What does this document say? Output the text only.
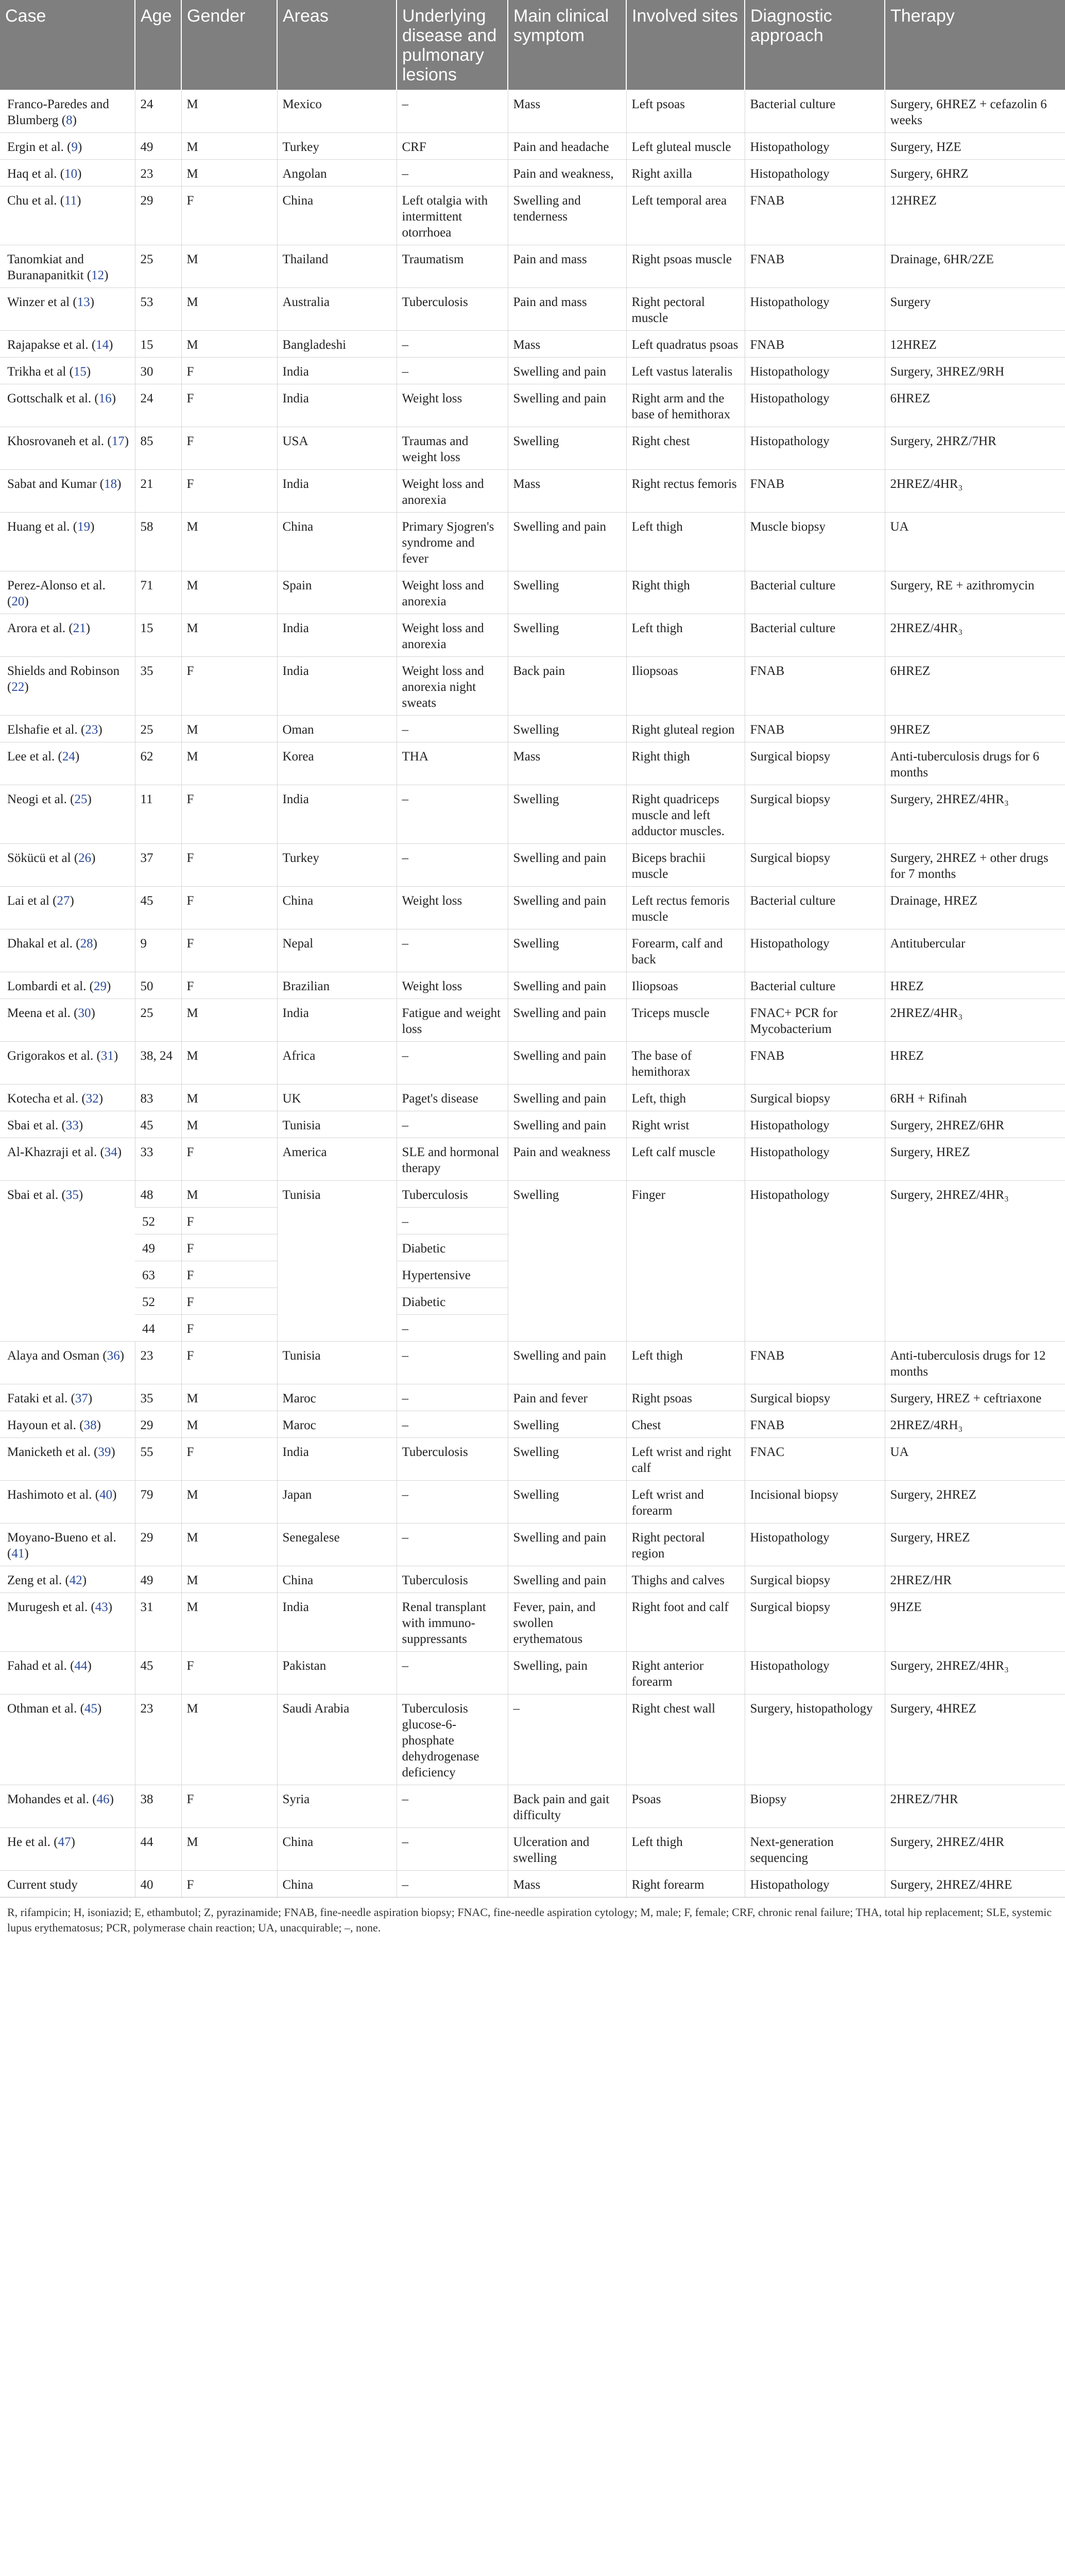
Case	Age	Gender	Areas	Underlying disease and pulmonary lesions	Main clinical symptom	Involved sites	Diagnostic approach	Therapy
Franco-Paredes and Blumberg (8)	24	M	Mexico	–	Mass	Left psoas	Bacterial culture	Surgery, 6HREZ + cefazolin 6 weeks
Ergin et al. (9)	49	M	Turkey	CRF	Pain and headache	Left gluteal muscle	Histopathology	Surgery, HZE
Haq et al. (10)	23	M	Angolan	–	Pain and weakness,	Right axilla	Histopathology	Surgery, 6HRZ
Chu et al. (11)	29	F	China	Left otalgia with intermittent otorrhoea	Swelling and tenderness	Left temporal area	FNAB	12HREZ
Tanomkiat and Buranapanitkit (12)	25	M	Thailand	Traumatism	Pain and mass	Right psoas muscle	FNAB	Drainage, 6HR/2ZE
Winzer et al (13)	53	M	Australia	Tuberculosis	Pain and mass	Right pectoral muscle	Histopathology	Surgery
Rajapakse et al. (14)	15	M	Bangladeshi	–	Mass	Left quadratus psoas	FNAB	12HREZ
Trikha et al (15)	30	F	India	–	Swelling and pain	Left vastus lateralis	Histopathology	Surgery, 3HREZ/9RH
Gottschalk et al. (16)	24	F	India	Weight loss	Swelling and pain	Right arm and the base of hemithorax	Histopathology	6HREZ
Khosrovaneh et al. (17)	85	F	USA	Traumas and weight loss	Swelling	Right chest	Histopathology	Surgery, 2HRZ/7HR
Sabat and Kumar (18)	21	F	India	Weight loss and anorexia	Mass	Right rectus femoris	FNAB	2HREZ/4HR₃
Huang et al. (19)	58	M	China	Primary Sjogren's syndrome and fever	Swelling and pain	Left thigh	Muscle biopsy	UA
Perez-Alonso et al. (20)	71	M	Spain	Weight loss and anorexia	Swelling	Right thigh	Bacterial culture	Surgery, RE + azithromycin
Arora et al. (21)	15	M	India	Weight loss and anorexia	Swelling	Left thigh	Bacterial culture	2HREZ/4HR₃
Shields and Robinson (22)	35	F	India	Weight loss and anorexia night sweats	Back pain	Iliopsoas	FNAB	6HREZ
Elshafie et al. (23)	25	M	Oman	–	Swelling	Right gluteal region	FNAB	9HREZ
Lee et al. (24)	62	M	Korea	THA	Mass	Right thigh	Surgical biopsy	Anti-tuberculosis drugs for 6 months
Neogi et al. (25)	11	F	India	–	Swelling	Right quadriceps muscle and left adductor muscles.	Surgical biopsy	Surgery, 2HREZ/4HR₃
Sökücü et al (26)	37	F	Turkey	–	Swelling and pain	Biceps brachii muscle	Surgical biopsy	Surgery, 2HREZ + other drugs for 7 months
Lai et al (27)	45	F	China	Weight loss	Swelling and pain	Left rectus femoris muscle	Bacterial culture	Drainage, HREZ
Dhakal et al. (28)	9	F	Nepal	–	Swelling	Forearm, calf and back	Histopathology	Antitubercular
Lombardi et al. (29)	50	F	Brazilian	Weight loss	Swelling and pain	Iliopsoas	Bacterial culture	HREZ
Meena et al. (30)	25	M	India	Fatigue and weight loss	Swelling and pain	Triceps muscle	FNAC+ PCR for Mycobacterium	2HREZ/4HR₃
Grigorakos et al. (31)	38, 24	M	Africa	–	Swelling and pain	The base of hemithorax	FNAB	HREZ
Kotecha et al. (32)	83	M	UK	Paget's disease	Swelling and pain	Left, thigh	Surgical biopsy	6RH + Rifinah
Sbai et al. (33)	45	M	Tunisia	–	Swelling and pain	Right wrist	Histopathology	Surgery, 2HREZ/6HR
Al-Khazraji et al. (34)	33	F	America	SLE and hormonal therapy	Pain and weakness	Left calf muscle	Histopathology	Surgery, HREZ
Sbai et al. (35)	48	M	Tunisia	Tuberculosis	Swelling	Finger	Histopathology	Surgery, 2HREZ/4HR₃
	52	F		–				
	49	F		Diabetic				
	63	F		Hypertensive				
	52	F		Diabetic				
	44	F		–				
Alaya and Osman (36)	23	F	Tunisia	–	Swelling and pain	Left thigh	FNAB	Anti-tuberculosis drugs for 12 months
Fataki et al. (37)	35	M	Maroc	–	Pain and fever	Right psoas	Surgical biopsy	Surgery, HREZ + ceftriaxone
Hayoun et al. (38)	29	M	Maroc	–	Swelling	Chest	FNAB	2HREZ/4RH₃
Manicketh et al. (39)	55	F	India	Tuberculosis	Swelling	Left wrist and right calf	FNAC	UA
Hashimoto et al. (40)	79	M	Japan	–	Swelling	Left wrist and forearm	Incisional biopsy	Surgery, 2HREZ
Moyano-Bueno et al. (41)	29	M	Senegalese	–	Swelling and pain	Right pectoral region	Histopathology	Surgery, HREZ
Zeng et al. (42)	49	M	China	Tuberculosis	Swelling and pain	Thighs and calves	Surgical biopsy	2HREZ/HR
Murugesh et al. (43)	31	M	India	Renal transplant with immuno-suppressants	Fever, pain, and swollen erythematous	Right foot and calf	Surgical biopsy	9HZE
Fahad et al. (44)	45	F	Pakistan	–	Swelling, pain	Right anterior forearm	Histopathology	Surgery, 2HREZ/4HR₃
Othman et al. (45)	23	M	Saudi Arabia	Tuberculosis glucose-6-phosphate dehydrogenase deficiency	–	Right chest wall	Surgery, histopathology	Surgery, 4HREZ
Mohandes et al. (46)	38	F	Syria	–	Back pain and gait difficulty	Psoas	Biopsy	2HREZ/7HR
He et al. (47)	44	M	China	–	Ulceration and swelling	Left thigh	Next-generation sequencing	Surgery, 2HREZ/4HR
Current study	40	F	China	–	Mass	Right forearm	Histopathology	Surgery, 2HREZ/4HRE
R, rifampicin; H, isoniazid; E, ethambutol; Z, pyrazinamide; FNAB, fine-needle aspiration biopsy; FNAC, fine-needle aspiration cytology; M, male; F, female; CRF, chronic renal failure; THA, total hip replacement; SLE, systemic lupus erythematosus; PCR, polymerase chain reaction; UA, unacquirable; –, none.
